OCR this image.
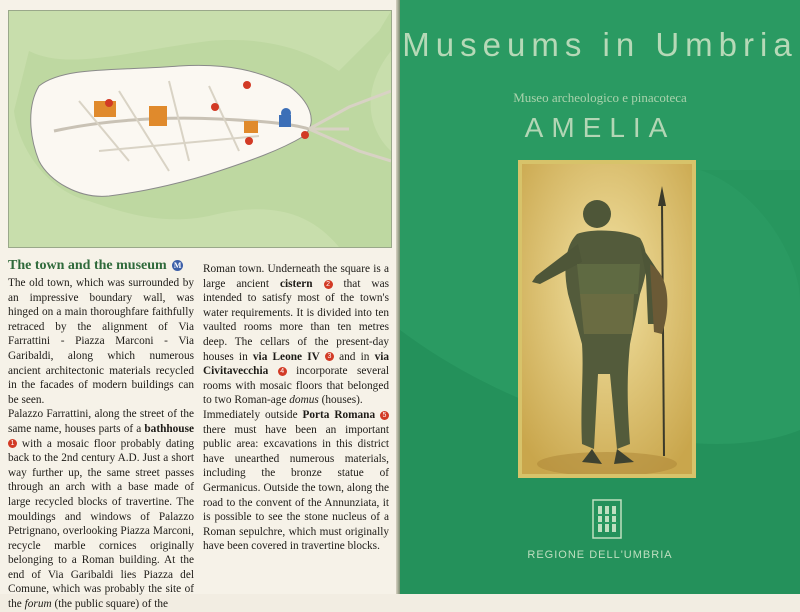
The town and the museum M

The old town, which was surrounded by an impressive boundary wall, was hinged on a main thoroughfare faithfully retraced by the alignment of Via Farrattini - Piazza Marconi - Via Garibaldi, along which numerous ancient architectonic materials recycled in the facades of modern buildings can be seen.

Palazzo Farrattini, along the street of the same name, houses parts of a bathhouse 1 with a mosaic floor probably dating back to the 2nd century A.D. Just a short way further up, the same street passes through an arch with a base made of large recycled blocks of travertine. The mouldings and windows of Palazzo Petrignano, overlooking Piazza Marconi, recycle marble cornices originally belonging to a Roman building. At the end of Via Garibaldi lies Piazza del Comune, which was probably the site of the forum (the public square) of the

Roman town. Underneath the square is a large ancient cistern 2 that was intended to satisfy most of the town's water requirements. It is divided into ten vaulted rooms more than ten metres deep. The cellars of the present-day houses in via Leone IV 3 and in via Civitavecchia 4 incorporate several rooms with mosaic floors that belonged to two Roman-age domus (houses).

Immediately outside Porta Romana 5 there must have been an important public area: excavations in this district have unearthed numerous materials, including the bronze statue of Germanicus. Outside the town, along the road to the convent of the Annunziata, it is possible to see the stone nucleus of a Roman sepulchre, which must originally have been covered in travertine blocks.

Museums in Umbria
Museo archeologico e pinacoteca
AMELIA
REGIONE DELL'UMBRIA
